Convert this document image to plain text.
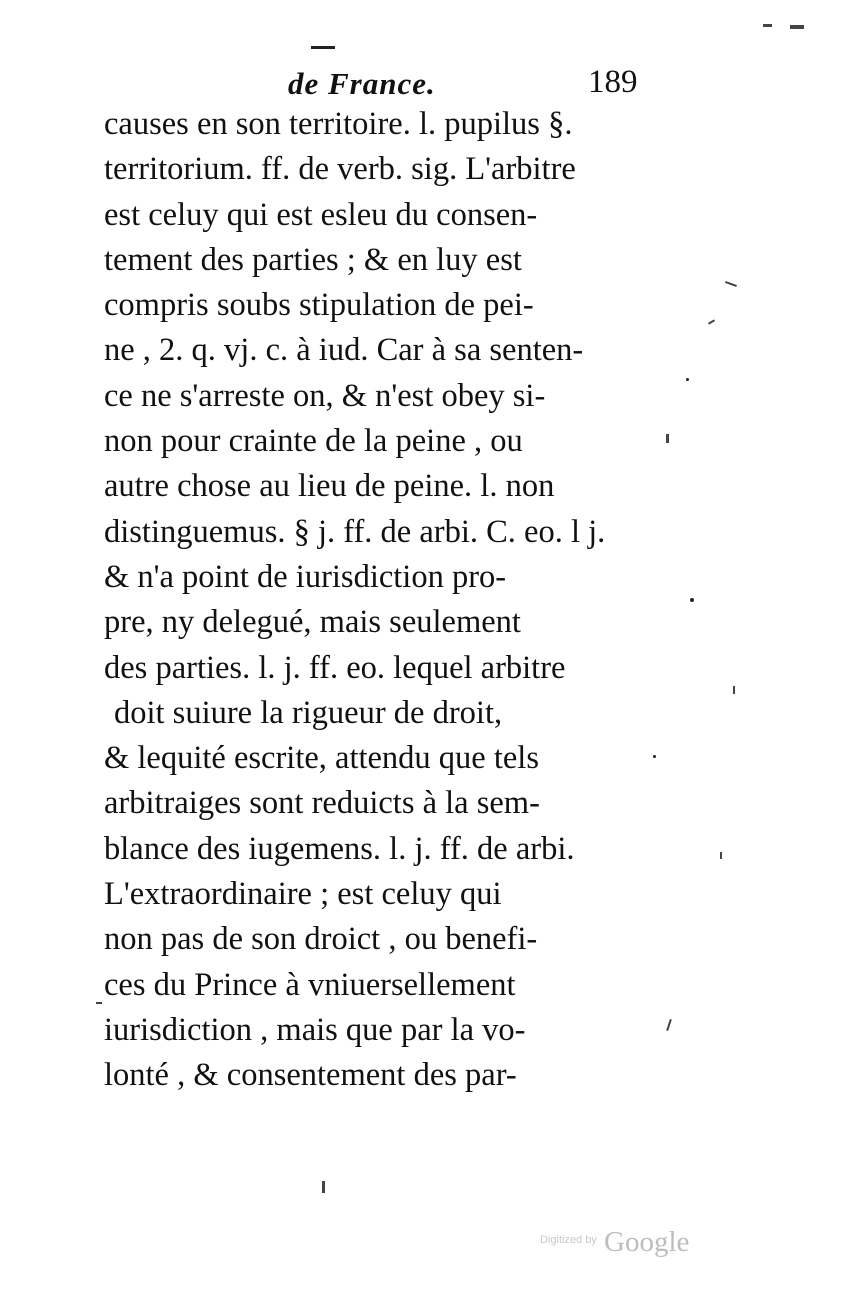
de France.	189
causes en son territoire. l. pupilus §.
territorium. ff. de verb. sig. L'arbitre
est celuy qui est esleu du consen-
tement des parties ; & en luy est
compris soubs stipulation de pei-
ne , 2. q. vj. c. à iud. Car à sa senten-
ce ne s'arreste on, & n'est obey si-
non pour crainte de la peine , ou
autre chose au lieu de peine. l. non
distinguemus. § j. ff. de arbi. C. eo. l j.
& n'a point de iurisdiction pro-
pre, ny delegué, mais seulement
des parties. l. j. ff. eo. lequel arbitre
doit suiure la rigueur de droit,
& lequité escrite, attendu que tels
arbitraiges sont reduicts à la sem-
blance des iugemens. l. j. ff. de arbi.
L'extraordinaire ; est celuy qui
non pas de son droict , ou benefi-
ces du Prince à vniuersellement
iurisdiction , mais que par la vo-
lonté , & consentement des par-
Digitized by Google
